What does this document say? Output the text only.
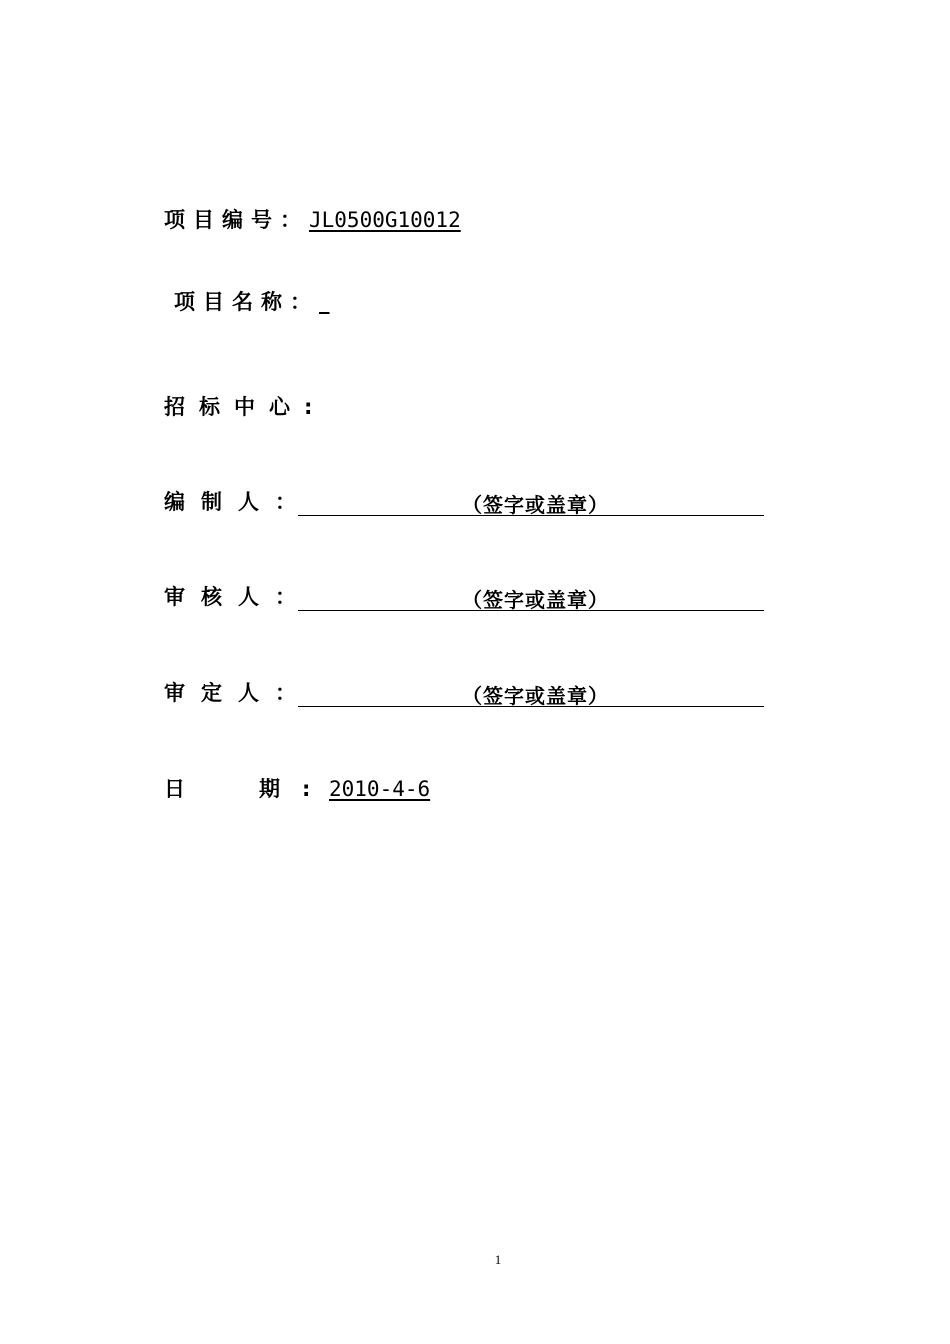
项目编号：JL0500G10012
项目名称：_
招标中心:
编制人：	（签字或盖章）
审核人：	（签字或盖章）
审定人：	（签字或盖章）
日	期 : 2010-4-6
1
